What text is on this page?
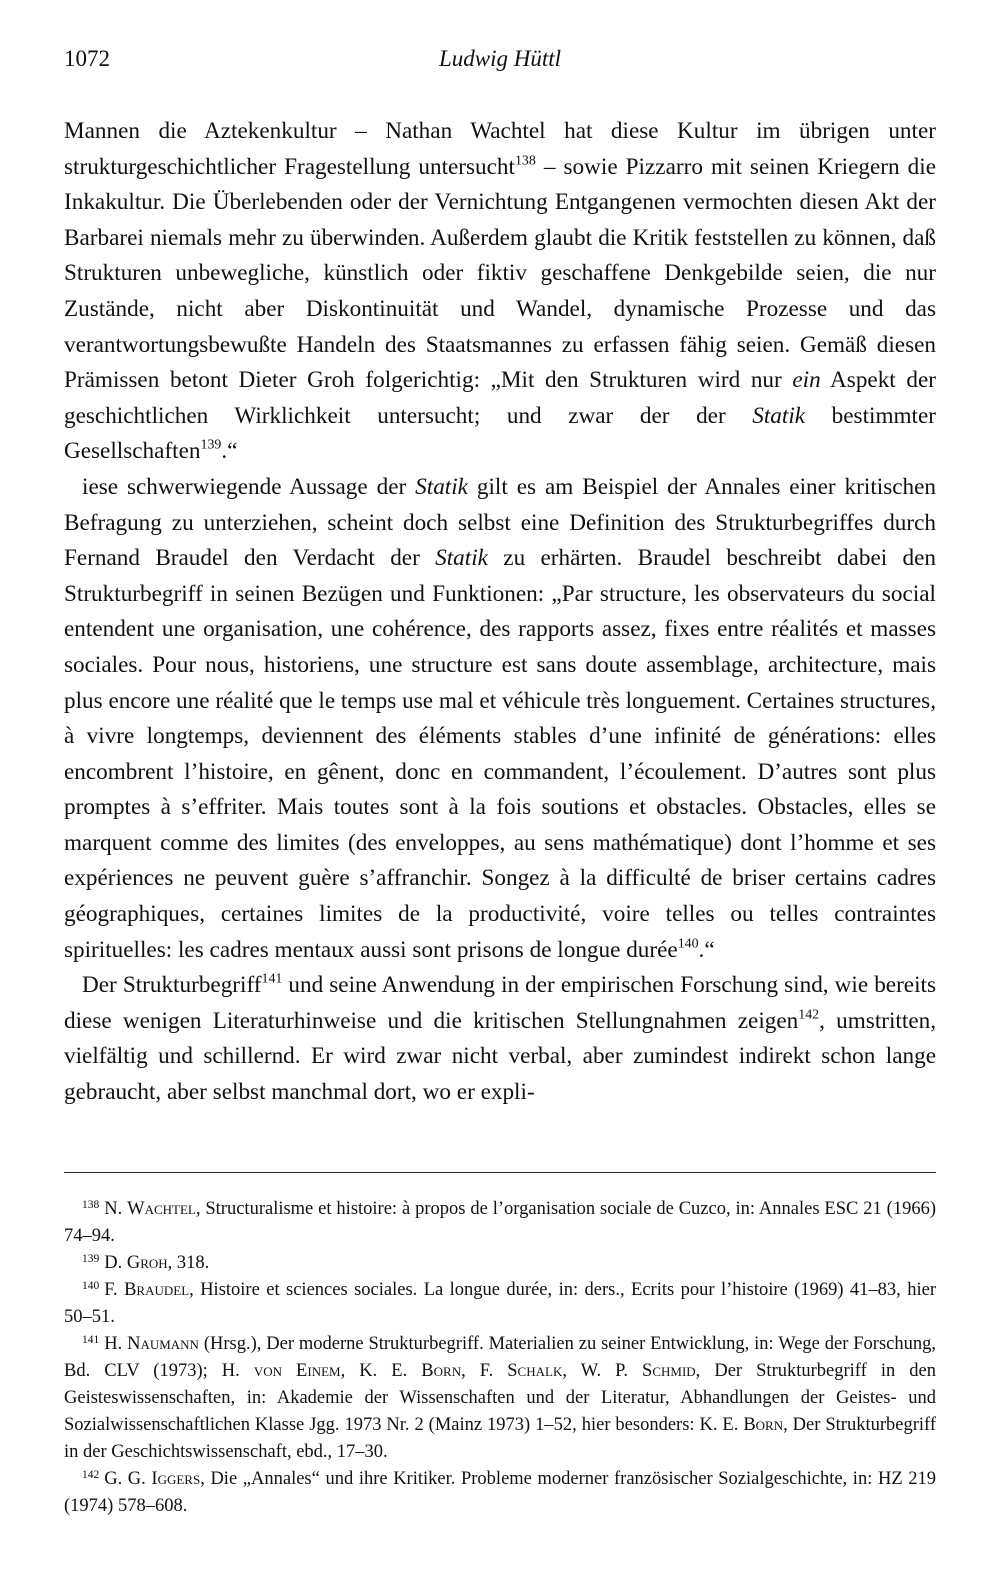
1072	Ludwig Hüttl

Mannen die Aztekenkultur – Nathan Wachtel hat diese Kultur im übrigen unter strukturgeschichtlicher Fragestellung untersucht$^{138}$ – sowie Pizzarro mit seinen Kriegern die Inkakultur. Die Überlebenden oder der Vernichtung Entgangenen vermochten diesen Akt der Barbarei niemals mehr zu überwinden. Außerdem glaubt die Kritik feststellen zu können, daß Strukturen unbewegliche, künstlich oder fiktiv geschaffene Denkgebilde seien, die nur Zustände, nicht aber Diskontinuität und Wandel, dynamische Prozesse und das verantwortungsbewußte Handeln des Staatsmannes zu erfassen fähig seien. Gemäß diesen Prämissen betont Dieter Groh folgerichtig: „Mit den Strukturen wird nur ein Aspekt der geschichtlichen Wirklichkeit untersucht; und zwar der der Statik bestimmter Gesellschaften$^{139}$.“

iese schwerwiegende Aussage der Statik gilt es am Beispiel der Annales einer kritischen Befragung zu unterziehen, scheint doch selbst eine Definition des Strukturbegriffes durch Fernand Braudel den Verdacht der Statik zu erhärten. Braudel beschreibt dabei den Strukturbegriff in seinen Bezügen und Funktionen: „Par structure, les observateurs du social entendent une organisation, une cohérence, des rapports assez, fixes entre réalités et masses sociales. Pour nous, historiens, une structure est sans doute assemblage, architecture, mais plus encore une réalité que le temps use mal et véhicule très longuement. Certaines structures, à vivre longtemps, deviennent des éléments stables d’une infinité de générations: elles encombrent l’histoire, en gênent, donc en commandent, l’écoulement. D’autres sont plus promptes à s’effriter. Mais toutes sont à la fois soutions et obstacles. Obstacles, elles se marquent comme des limites (des enveloppes, au sens mathématique) dont l’homme et ses expériences ne peuvent guère s’affranchir. Songez à la difficulté de briser certains cadres géographiques, certaines limites de la productivité, voire telles ou telles contraintes spirituelles: les cadres mentaux aussi sont prisons de longue durée$^{140}$.“

Der Strukturbegriff$^{141}$ und seine Anwendung in der empirischen Forschung sind, wie bereits diese wenigen Literaturhinweise und die kritischen Stellungnahmen zeigen$^{142}$, umstritten, vielfältig und schillernd. Er wird zwar nicht verbal, aber zumindest indirekt schon lange gebraucht, aber selbst manchmal dort, wo er expli-

$^{138}$ N. Wachtel, Structuralisme et histoire: à propos de l’organisation sociale de Cuzco, in: Annales ESC 21 (1966) 74–94.

$^{139}$ D. Groh, 318.

$^{140}$ F. Braudel, Histoire et sciences sociales. La longue durée, in: ders., Ecrits pour l’histoire (1969) 41–83, hier 50–51.

$^{141}$ H. Naumann (Hrsg.), Der moderne Strukturbegriff. Materialien zu seiner Entwicklung, in: Wege der Forschung, Bd. CLV (1973); H. von Einem, K. E. Born, F. Schalk, W. P. Schmid, Der Strukturbegriff in den Geisteswissenschaften, in: Akademie der Wissenschaften und der Literatur, Abhandlungen der Geistes- und Sozialwissenschaftlichen Klasse Jgg. 1973 Nr. 2 (Mainz 1973) 1–52, hier besonders: K. E. Born, Der Strukturbegriff in der Geschichtswissenschaft, ebd., 17–30.

$^{142}$ G. G. Iggers, Die „Annales“ und ihre Kritiker. Probleme moderner französischer Sozialgeschichte, in: HZ 219 (1974) 578–608.
